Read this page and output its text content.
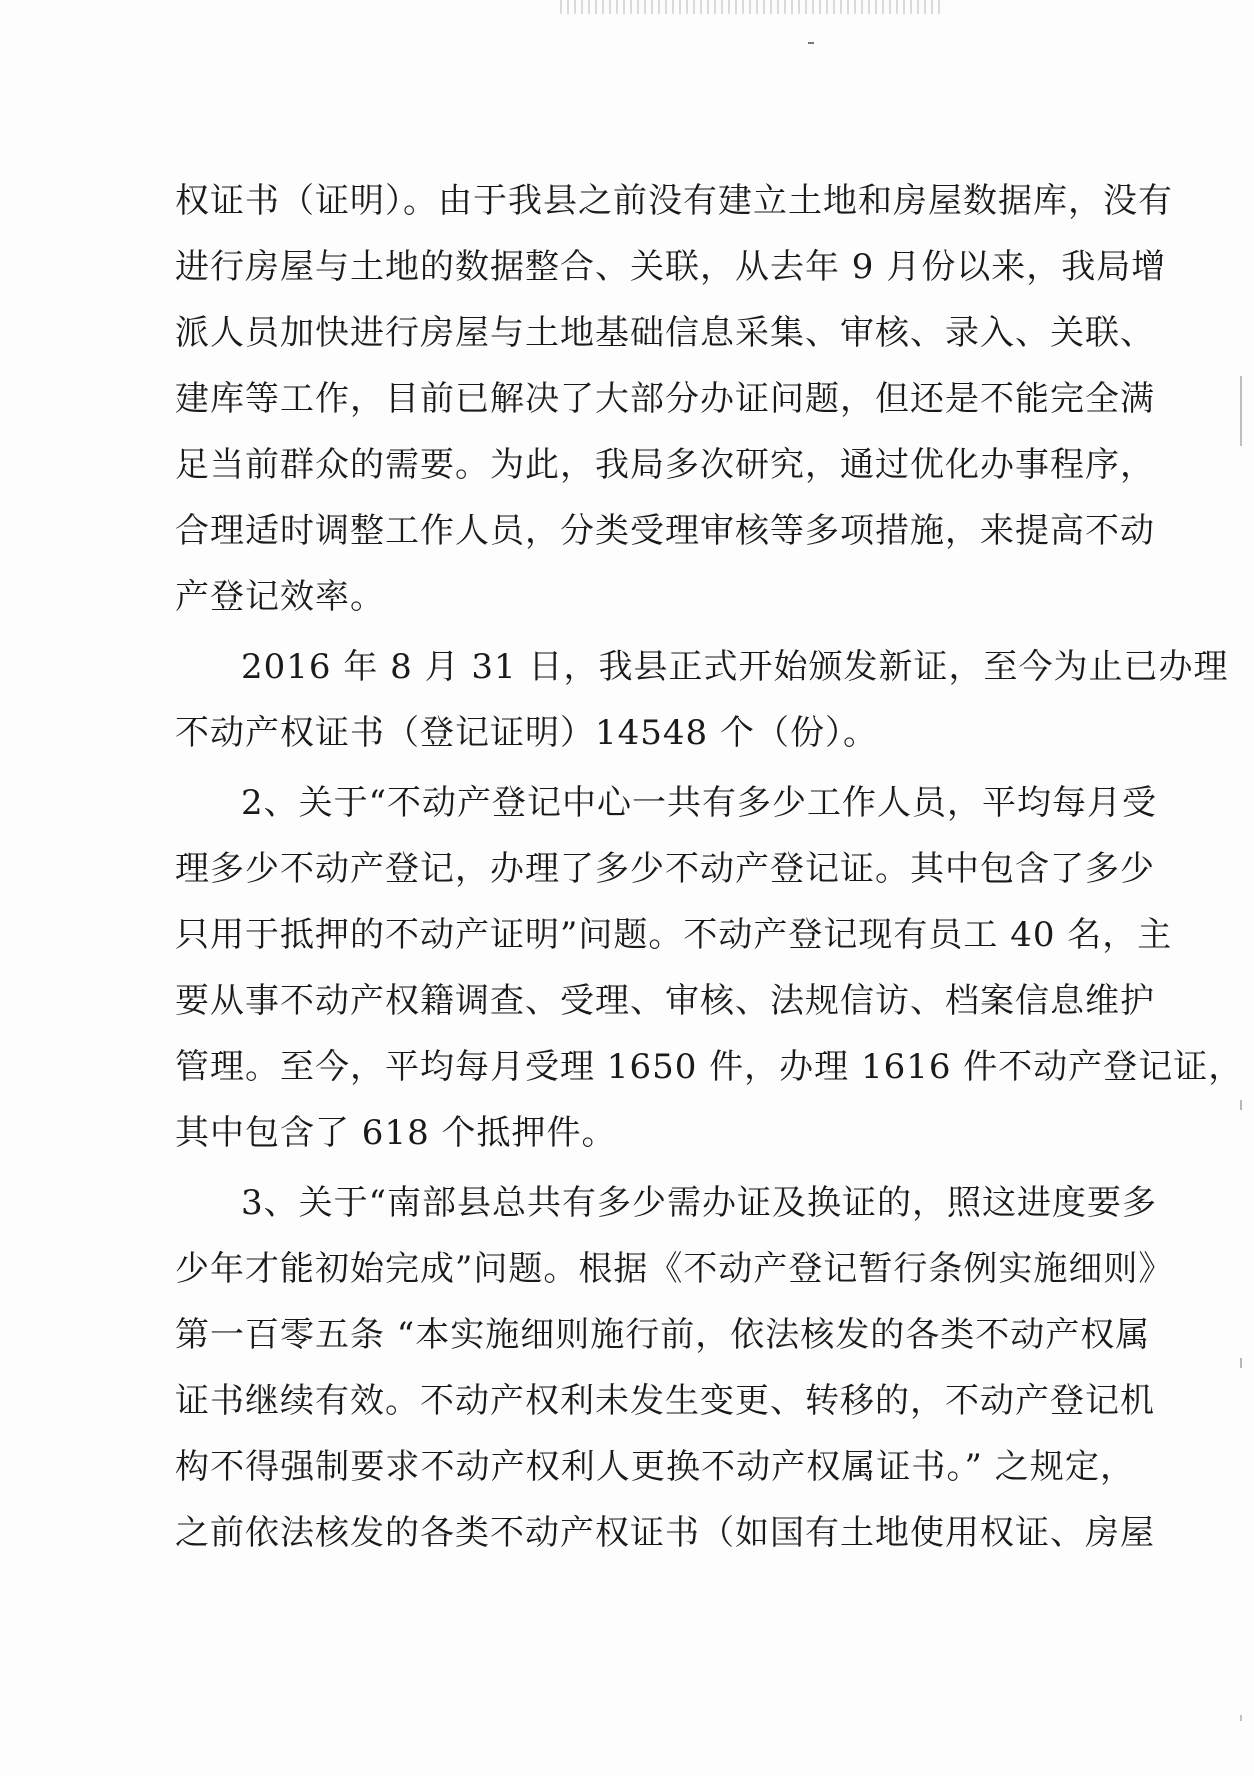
权证书（证明）。由于我县之前没有建立土地和房屋数据库，没有
进行房屋与土地的数据整合、关联，从去年 9 月份以来，我局增
派人员加快进行房屋与土地基础信息采集、审核、录入、关联、
建库等工作，目前已解决了大部分办证问题，但还是不能完全满
足当前群众的需要。为此，我局多次研究，通过优化办事程序，
合理适时调整工作人员，分类受理审核等多项措施，来提高不动
产登记效率。
2016 年 8 月 31 日，我县正式开始颁发新证，至今为止已办理
不动产权证书（登记证明）14548 个（份）。
2、关于“不动产登记中心一共有多少工作人员，平均每月受
理多少不动产登记，办理了多少不动产登记证。其中包含了多少
只用于抵押的不动产证明”问题。不动产登记现有员工 40 名，主
要从事不动产权籍调查、受理、审核、法规信访、档案信息维护
管理。至今，平均每月受理 1650 件，办理 1616 件不动产登记证，
其中包含了 618 个抵押件。
3、关于“南部县总共有多少需办证及换证的，照这进度要多
少年才能初始完成”问题。根据《不动产登记暂行条例实施细则》
第一百零五条 “本实施细则施行前，依法核发的各类不动产权属
证书继续有效。不动产权利未发生变更、转移的，不动产登记机
构不得强制要求不动产权利人更换不动产权属证书。” 之规定，
之前依法核发的各类不动产权证书（如国有土地使用权证、房屋
